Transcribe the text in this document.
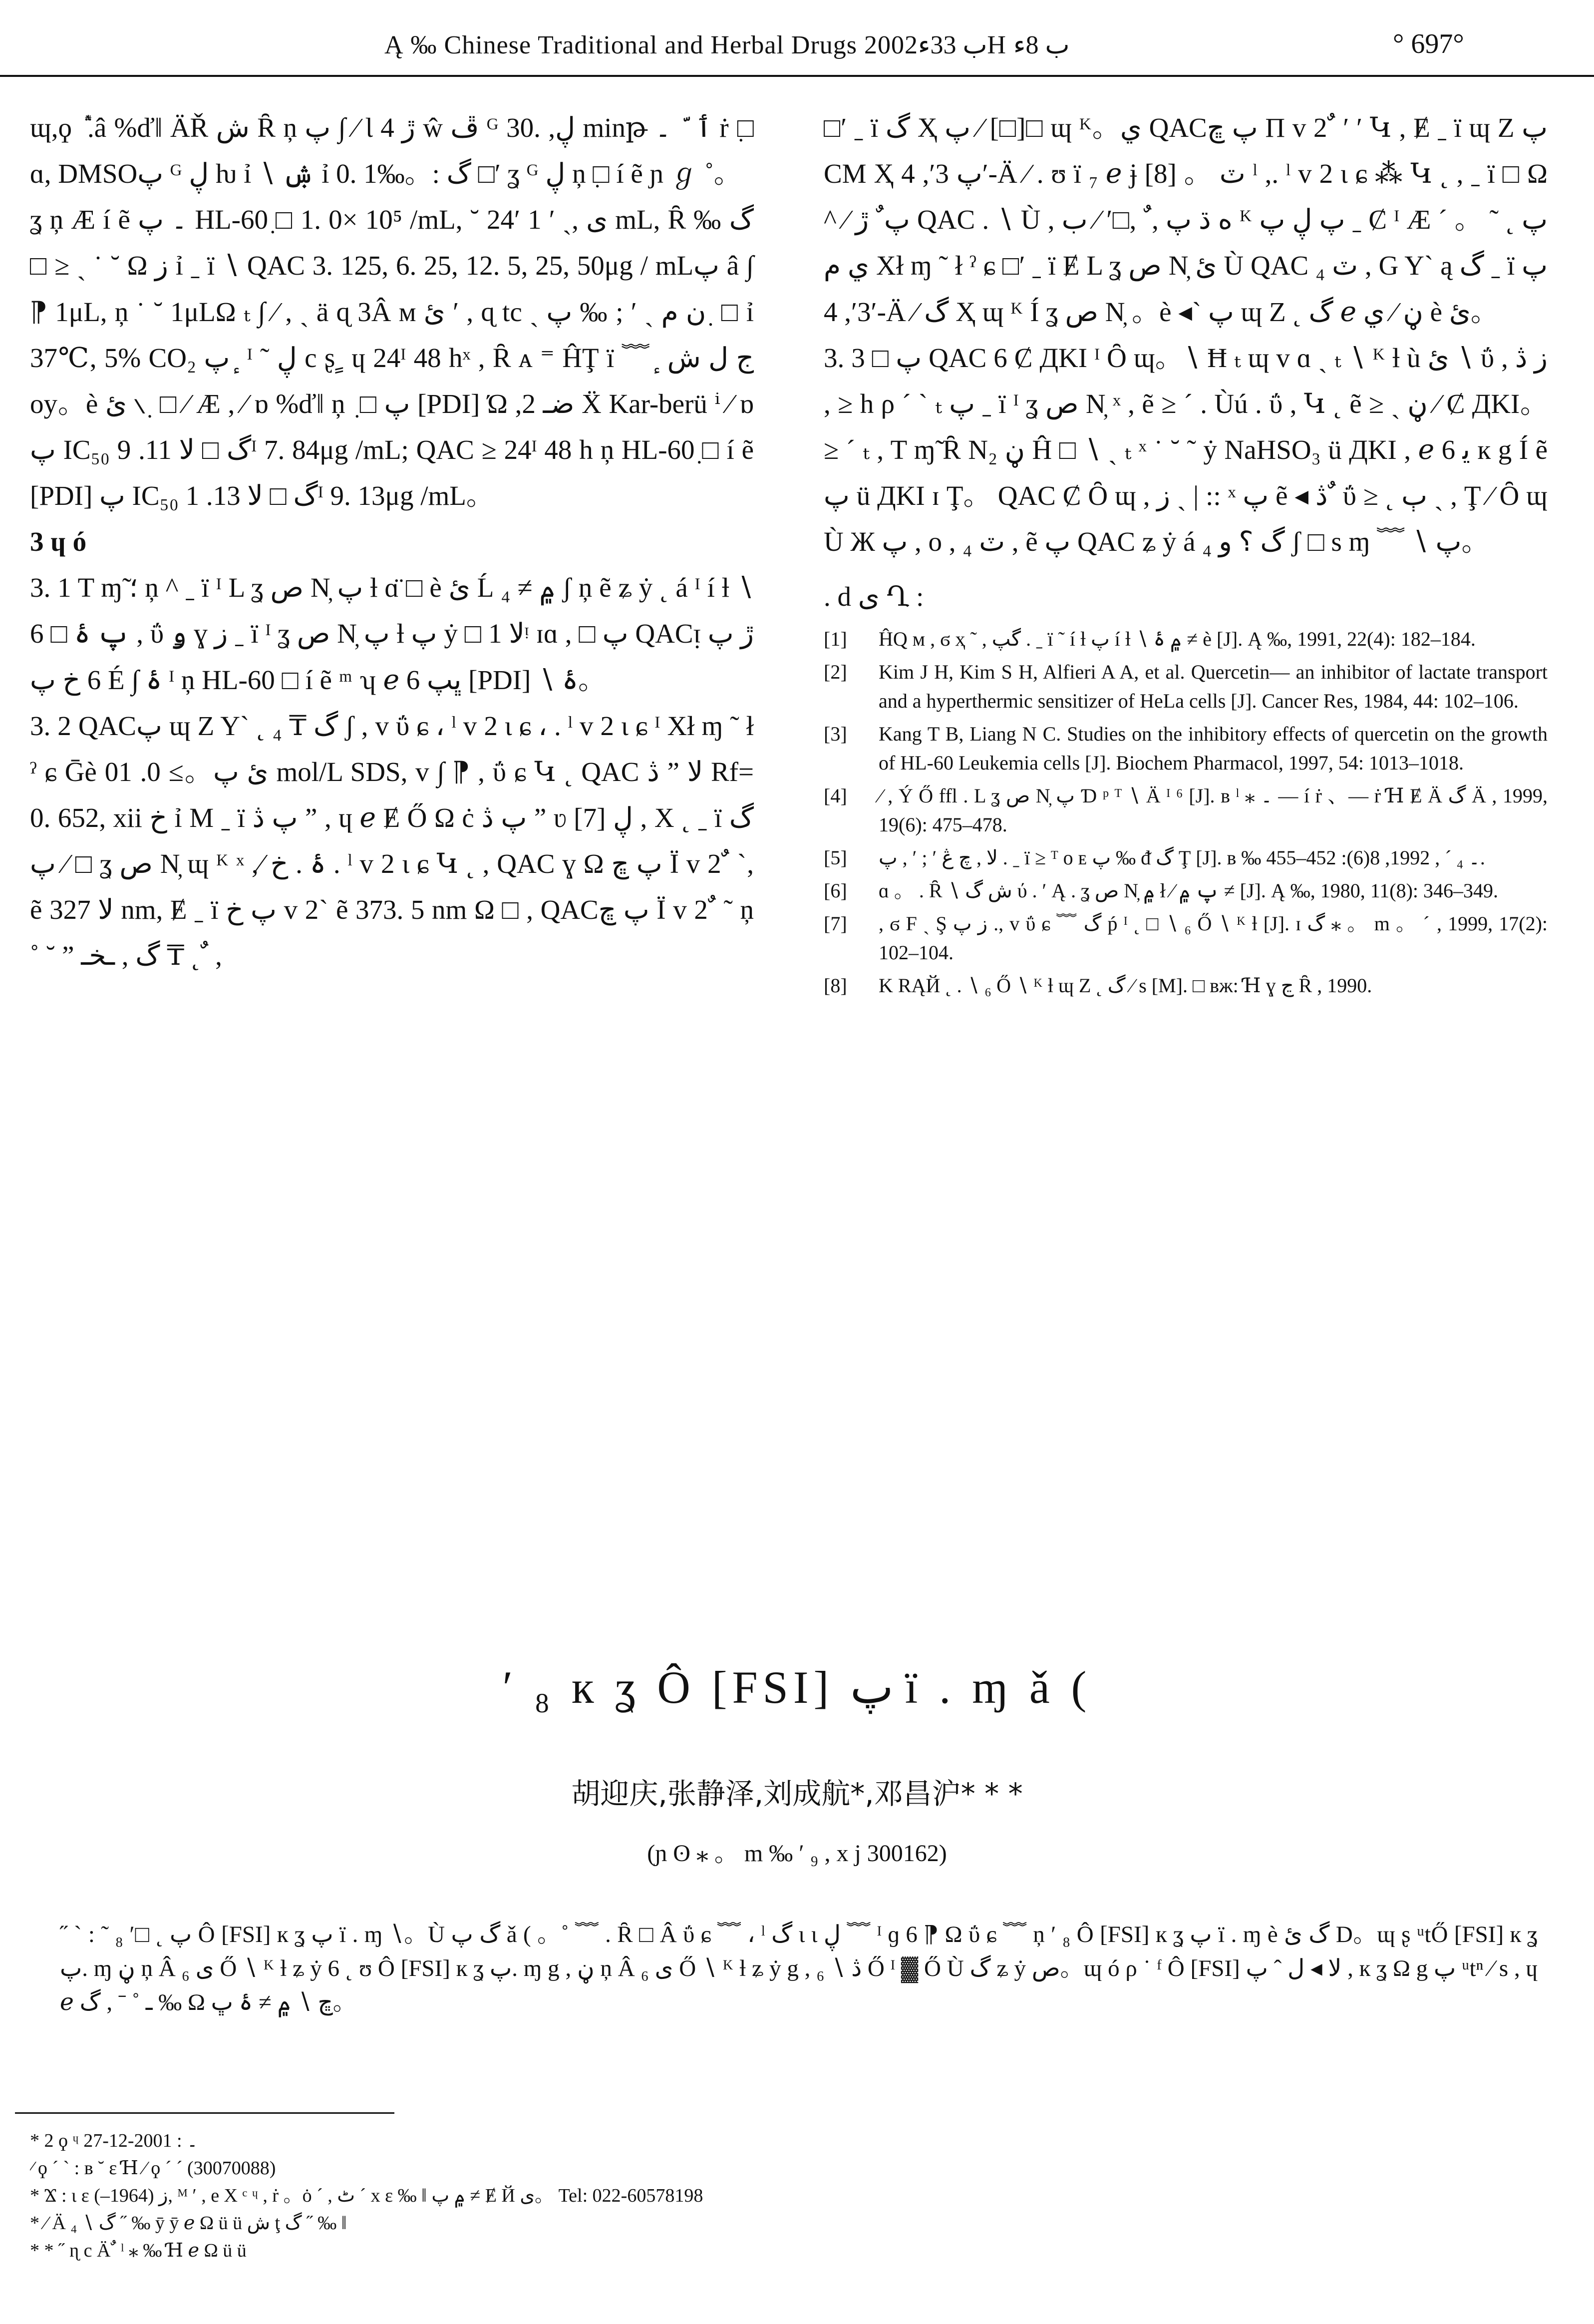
Ą ‰ Chinese Traditional and Herbal Drugs 2002ب 33ءH ب 8ء	° 697°

ɰ,ϙ ݅ ݊.â %ďǁ ÄŘ ش Ȓ ņ پ ∫ ∕ Ɩ 4 ڙ ŵ ڦ ᴳ ڸ, .30 minթ ٲ ّ ۔ ṙ ٜ□ ɑ, DMSOپ ᴳ ڸ ƕ ỉ ∖ ۺ ỉ 0. 1‰。: گ □′ ʓ ᴳ ڸ ņ ٜ□ í ẽ ɲ ℊ ˚。

ʓ ņ Æ í ẽ ۔ پ HL-60ٜ □ 1. 0× 10⁵ /mL, ˘ 24ʹ ى ,ˎ ′ 1 mL, Ȓ ‰ گ □ ≥ ˎ ˙ ˘ Ω ز ỉ ˍ ï ∖ QAC 3. 125, 6. 25, 12. 5, 25, 50μg / mLپ â ∫ ⁋ 1μL, ņ ˙ ˘ 1μLΩ ₜ ∫ ∕ , ˎ ä ɋ 3Â м ئ ′ , ɋ tc ˎ ن م ˎ ′ ; ‰ پ ٜ □ ỉ 37℃, 5% CO₂ پ ٕ ᴵ ˜ ڸ c ʂ ٍ ɥ 24ᴵ 48 hˣ , Ȓ ᴀ ⁼ ĤŢ ï ﹌ ٕ ج ل ش oy。è ئ ∖ ٜ □ ∕ Æ , ∕ ɒ %ďǁ ņ ٜ □ پ [PDI] Ώ ,ضـ 2 Ẍ Kar-berü ⁱ ∕ ɒ پ IC₅₀ گ □ ﻻ 11. 9ᴵ 7. 84μg /mL; QAC ≥ 24ᴵ 48 h ņ HL-60ٜ □ í ẽ [PDI] پ IC₅₀ گ □ ﻻ 13. 1ᴵ 9. 13μg /mL。

3 ɥ ó

3. 1 T ɱ̃ ؛ ņ ^ ˍ ï ᴵ L ʓ ص N̦ پ ƚ ɑ̈ □ è ئ Ĺ ۾ ≠ ₄ ʃ ņ ẽ ʑ ẏ ˛ á ᴵ í ƚ ∖ پ ۂ □ 6 , ΰ ۅ ɣ ز ˍ ï ᴵ ʓ ص N̦ پ ƚ پ ẏ □ ﻻ 1ᵎ ɪɑ , □ پ QACᴉ ڙ پ 6 خ پ É ∫ ۂ ᴵ ņ HL-60 □ í ẽ ᵐ ʮ ℯ 6 ڀپ [PDI] ∖ ۂ。

3. 2 QACپ ɰ Z Y` ˛ گ ₸ ₄ ʃ , v ΰ ɕ ، ˡ v 2 ɩ ɕ ، . ˡ v 2 ɩ ɕ ᴵ Xł ɱ ˜ ł ˀ ɕ Ḡè ئ پ。≥ 0. 01 mol/L SDS, v ∫ ⁋ , ΰ ɕ Կ ˛ QAC ڎ ˮ ﻻ Rf= 0. 652, xii خ ỉ M ˍ ï پ ڎ ˮ , ɥ ℯ Ɇ Ő Ω ċ پ ڎ ˮ ʋ ڸ [7] , X ˛ ˍ ï گ پ ∕ □ ʓ ص N̦ ɰ ᴷ ˣ ,∕ ۂ . خ . ˡ v 2 ɩ ɕ Կ ˛ , QAC ɣ Ω پ ڇ Ï v 2 ٌ ˋ, ẽ ﻻ 327 nm, Ɇ ˍ ï پ خ v 2ˋ ẽ 373. 5 nm Ω □ , QACپ ڇ Ï v 2 ٌ ˜ ņ ˚ ˘ ˮ گ , ـخـ ₸ ˛ ٌ ,

□′ ˍ ï گ Ҳ پ ∕ [□]□ ɰ ᴷ。ي QACپ ڇ Π v 2 ٌ ′ ′ Կ , Ɇ ˍ ï ɰ Z پ CM Ҳ پ 3′, 4′-Ä ∕ . ʊ ï ₇ ℯ ɉ [8] 。 ٽ ˡ ,. ˡ v 2 ɩ ɕ ⁂ Կ ˛ , ˍ ï □ Ω ^ ∕ پ ٌ ڙ QAC . ∖ Ù , ه ڌ پ , ٌ ,□′ ∕ ب ᴷ پ ڸ پ ˍ Ȼ ᴵ Æ ˊ پ ˛ ˜ 。ي م Xł ɱ ˜ ł ˀ ɕ □′ ˍ ï Ɇ L ʓ ص N̦ ئ Ù QAC ₄ ٽ , G Y` ą گ ˍ ï پ 3′, 4′-Ä ∕ گ Ҳ ɰ ᴷ Í ʓ ص N̦ 。è ◂` پ ɰ Z ˛ گ ℯ ڼ ∕ ي è ئ。

3. 3 □ پ QAC 6 Ȼ ДKI ᴵ Ȏ ɰ。∖ Ħ ₜ ɰ v ɑ ˏ ₜ ∖ ᴷ ƚ ù ئ ∖ ΰ , ز ڎ , ≥ h ρ ˊ ˋ ₜ پ ˍ ï ᴵ ʓ ص N̦ ˣ , ẽ ≥ ˊ . Ùú . ΰ , Կ ˛ ẽ ≥ ˎ ڼ ∕ Ȼ ДKI。≥ ˊ ₜ , T ɱ̃ Ȓ N₂ ڼ Ĥ □ ∖ ˏ ₜ ˣ ˙ ˘ ˜ ẏ NaHSO₃ ü ДKI , ℯ 6 ﯾ к g Í ẽ پ ü ДKI ɪ Ţ。 QAC Ȼ Ȏ ɰ , ز ˎ | :: ˣ پ ẽ ◂ ڎ ٌ ΰ ≥ ˛ ٻ ˎ , Ţ ∕ Ȏ ɰ Ù Ж پ , o , ₄ ٽ , ẽ پ QAC ʑ ẏ á گ ؟ و ₄ ʃ □ s ɱ ﹌ ∖ پ。

. d ى Ղ :

[1]	ĤQ м , ϭ ҳ ˜ , گپ . ˍ ï ˜ í ƚ پ í ƚ ∖ ۾ ۂ ≠ è [J]. Ą ‰, 1991, 22(4): 182–184.
[2]	Kim J H, Kim S H, Alfieri A A, et al. Quercetin— an inhibitor of lactate transport and a hyperthermic sensitizer of HeLa cells [J]. Cancer Res, 1984, 44: 102–106.
[3]	Kang T B, Liang N C. Studies on the inhibitory effects of quercetin on the growth of HL-60 Leukemia cells [J]. Biochem Pharmacol, 1997, 54: 1013–1018.
[4]	∕ , Ý Ő ffl . L ʓ ص N̦ پ Ɗ ᵖ ᵀ ∖ Ä ᴵ ⁶ [J]. ʙ ˡ ⁎ ۔ — í ṙ 、— ṙ Ɦ Ɇ Ä گ Ä , 1999, 19(6): 475–478.
[5]	ﻻ , چ ڠ ′ ; ′ , پ . ˍ ï ≥ ᵀ ᴏ ᴇ پ ‰ ᵭ گ Ţ [J]. ʙ ‰ ۔ ₄ ˊ , 1992, 8(6): 452–455.
[6]	ɑ 。 . Ȓ ∖ ش گ ύ . ′ Ą . ʓ ص N̦ ۾ ł ∕ پ ۾ ≠ [J]. Ą ‰, 1980, 11(8): 346–349.
[7]	, ϭ F ˏ Ş ز پ ., v ΰ ɕ ﹌ گ ṕ ᴵ ˛ □ ∖ ₆ Ő ∖ ᴷ ƚ [J]. ɪ گ ⁎ 。 m 。 ˊ , 1999, 17(2): 102–104.
[8]	K RĄЙ ˛ . ∖ ₆ Ő ∖ ᴷ ƚ ɰ Z ˛ گ ∕ s [M]. □ ʙж: Ɦ ɣ ڃ Ȓ , 1990.
′ ₈ к ʓ Ô [FSI] پ ï . ɱ ǎ (
胡迎庆,张静泽,刘成航*,邓昌沪* * *
(ɲ ʘ ⁎ 。 m ‰ ′ ₉ , x j 300162)
˝ ˋ : ˜ پ ˛ □′ ₈ Ô [FSI] к ʓ پ ï . ɱ ∖。Ù گ پ ǎ ( 。˚ ﹌ . Ȓ □ Â ΰ ɕ ﹌ ، ˡ گ ɩ ɩ ڸ ﹌ ᴵ ɡ 6 ⁋ Ω ΰ ɕ ﹌ ņ ′ ₈ Ô [FSI] к ʓ پ ï . ɱ è گ ئ D。ɰ ʂ ᵘtŐ [FSI] к ʓ پ. ɱ ڼ ņ Â ى ₆ Ő ∖ ᴷ ƚ ʑ ẏ 6 ˛ ʊ Ô [FSI] к ʓ پ. ɱ g , ڼ ņ Â ى ₆ Ő ∖ ᴷ ƚ ʑ ẏ g , ڎ ∖ ₆ Ő ᴵ ▓ Ő Ù گ ʑ ẏ ص。ɰ ó ρ ˙ ᶠ Ô [FSI] ﻻ ◂ ل ˆ پ , к ʓ Ω g پ ᵘtⁿ ∕ s , ɥ ℯ ـ ˚ ˉ , گ ‰ Ω ڇ ∖ ۾ ≠ ۂ ڀ。
* 2 ϙ ᶣ ۔ : 2001-12-27
∕ ϙ ˊ ˋ : ʙ ˘ ε Ɦ ∕ ϙ ˊ ˊ (30070088)
* Ϫ : ɩ ε ز (1964–), ᴹ ′ , e X ᶜ ᶣ , ṙ 。ȯ ˊ , ٹ ˊ x ε ‰ ǁ ۾ پ ≠ Ɇ Й ی。 Tel: 022-60578198
* ∕ Ä ₄ ∖ گ ˝ ‰ ȳ ȳ ℯ Ω ü ü ش ţ گ ˝ ‰ ǁ
* * ˝ ɳ c Ä ٌ ˡ ⁎ ‰ Ɦ ℯ Ω ü ü
